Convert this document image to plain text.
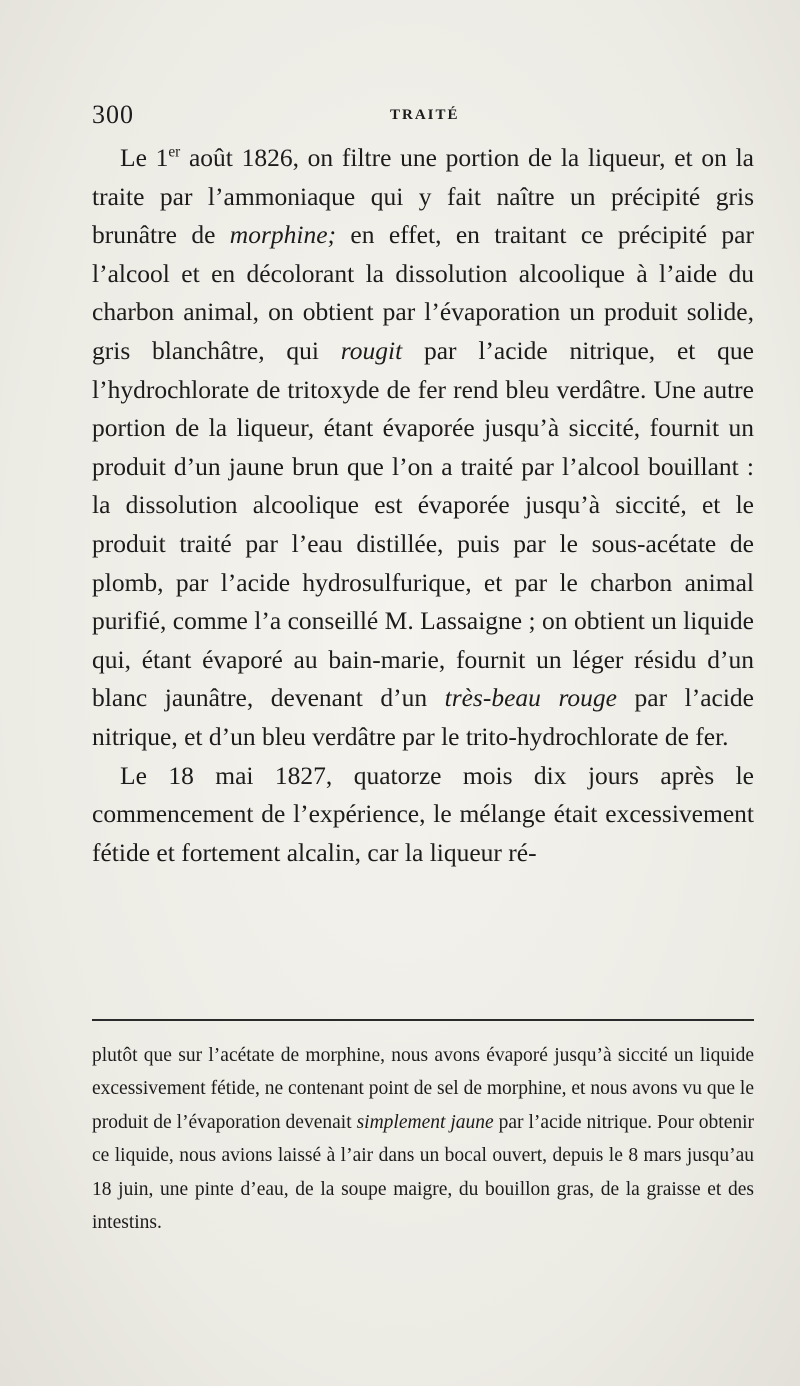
300	TRAITÉ

Le 1er août 1826, on filtre une portion de la liqueur, et on la traite par l’ammoniaque qui y fait naître un précipité gris brunâtre de morphine; en effet, en traitant ce précipité par l’alcool et en décolorant la dissolution alcoolique à l’aide du charbon animal, on obtient par l’évaporation un produit solide, gris blanchâtre, qui rougit par l’acide nitrique, et que l’hydrochlorate de tritoxyde de fer rend bleu verdâtre. Une autre portion de la liqueur, étant évaporée jusqu’à siccité, fournit un produit d’un jaune brun que l’on a traité par l’alcool bouillant : la dissolution alcoolique est évaporée jusqu’à siccité, et le produit traité par l’eau distillée, puis par le sous-acétate de plomb, par l’acide hydrosulfurique, et par le charbon animal purifié, comme l’a conseillé M. Lassaigne ; on obtient un liquide qui, étant évaporé au bain-marie, fournit un léger résidu d’un blanc jaunâtre, devenant d’un très-beau rouge par l’acide nitrique, et d’un bleu verdâtre par le trito-hydrochlorate de fer.

Le 18 mai 1827, quatorze mois dix jours après le commencement de l’expérience, le mélange était excessivement fétide et fortement alcalin, car la liqueur ré-

plutôt que sur l’acétate de morphine, nous avons évaporé jusqu’à siccité un liquide excessivement fétide, ne contenant point de sel de morphine, et nous avons vu que le produit de l’évaporation devenait simplement jaune par l’acide nitrique. Pour obtenir ce liquide, nous avions laissé à l’air dans un bocal ouvert, depuis le 8 mars jusqu’au 18 juin, une pinte d’eau, de la soupe maigre, du bouillon gras, de la graisse et des intestins.
